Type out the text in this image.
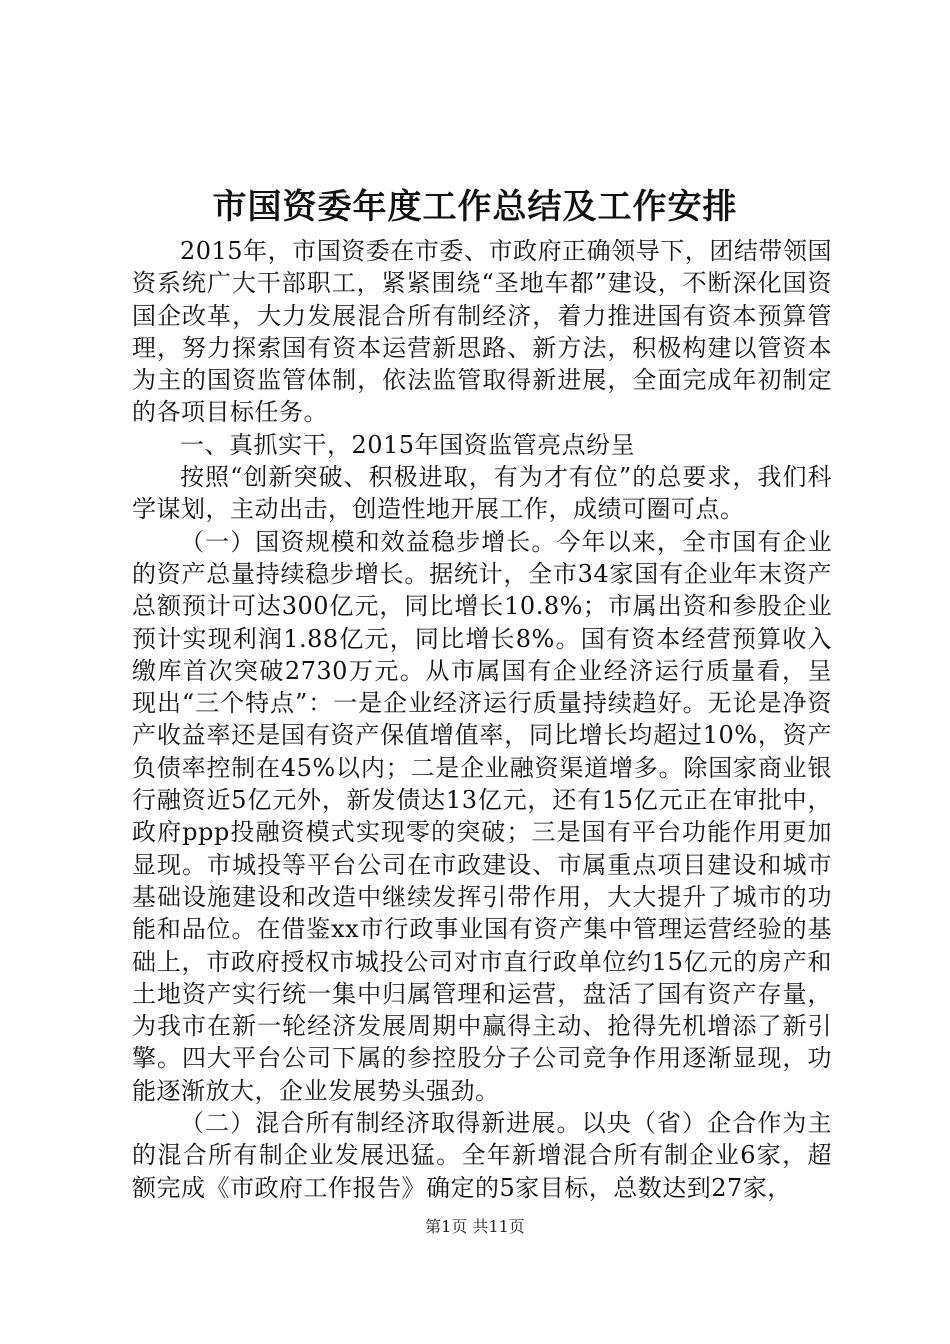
市国资委年度工作总结及工作安排

2015年，市国资委在市委、市政府正确领导下，团结带领国资系统广大干部职工，紧紧围绕“圣地车都”建设，不断深化国资国企改革，大力发展混合所有制经济，着力推进国有资本预算管理，努力探索国有资本运营新思路、新方法，积极构建以管资本为主的国资监管体制，依法监管取得新进展，全面完成年初制定的各项目标任务。

一、真抓实干，2015年国资监管亮点纷呈

按照“创新突破、积极进取，有为才有位”的总要求，我们科学谋划，主动出击，创造性地开展工作，成绩可圈可点。

（一）国资规模和效益稳步增长。今年以来，全市国有企业的资产总量持续稳步增长。据统计，全市34家国有企业年末资产总额预计可达300亿元，同比增长10.8%；市属出资和参股企业预计实现利润1.88亿元，同比增长8%。国有资本经营预算收入缴库首次突破2730万元。从市属国有企业经济运行质量看，呈现出“三个特点”：一是企业经济运行质量持续趋好。无论是净资产收益率还是国有资产保值增值率，同比增长均超过10%，资产负债率控制在45%以内；二是企业融资渠道增多。除国家商业银行融资近5亿元外，新发债达13亿元，还有15亿元正在审批中，政府ppp投融资模式实现零的突破；三是国有平台功能作用更加显现。市城投等平台公司在市政建设、市属重点项目建设和城市基础设施建设和改造中继续发挥引带作用，大大提升了城市的功能和品位。在借鉴xx市行政事业国有资产集中管理运营经验的基础上，市政府授权市城投公司对市直行政单位约15亿元的房产和土地资产实行统一集中归属管理和运营，盘活了国有资产存量，为我市在新一轮经济发展周期中赢得主动、抢得先机增添了新引擎。四大平台公司下属的参控股分子公司竞争作用逐渐显现，功能逐渐放大，企业发展势头强劲。

（二）混合所有制经济取得新进展。以央（省）企合作为主的混合所有制企业发展迅猛。全年新增混合所有制企业6家，超额完成《市政府工作报告》确定的5家目标，总数达到27家，

第1页 共11页
